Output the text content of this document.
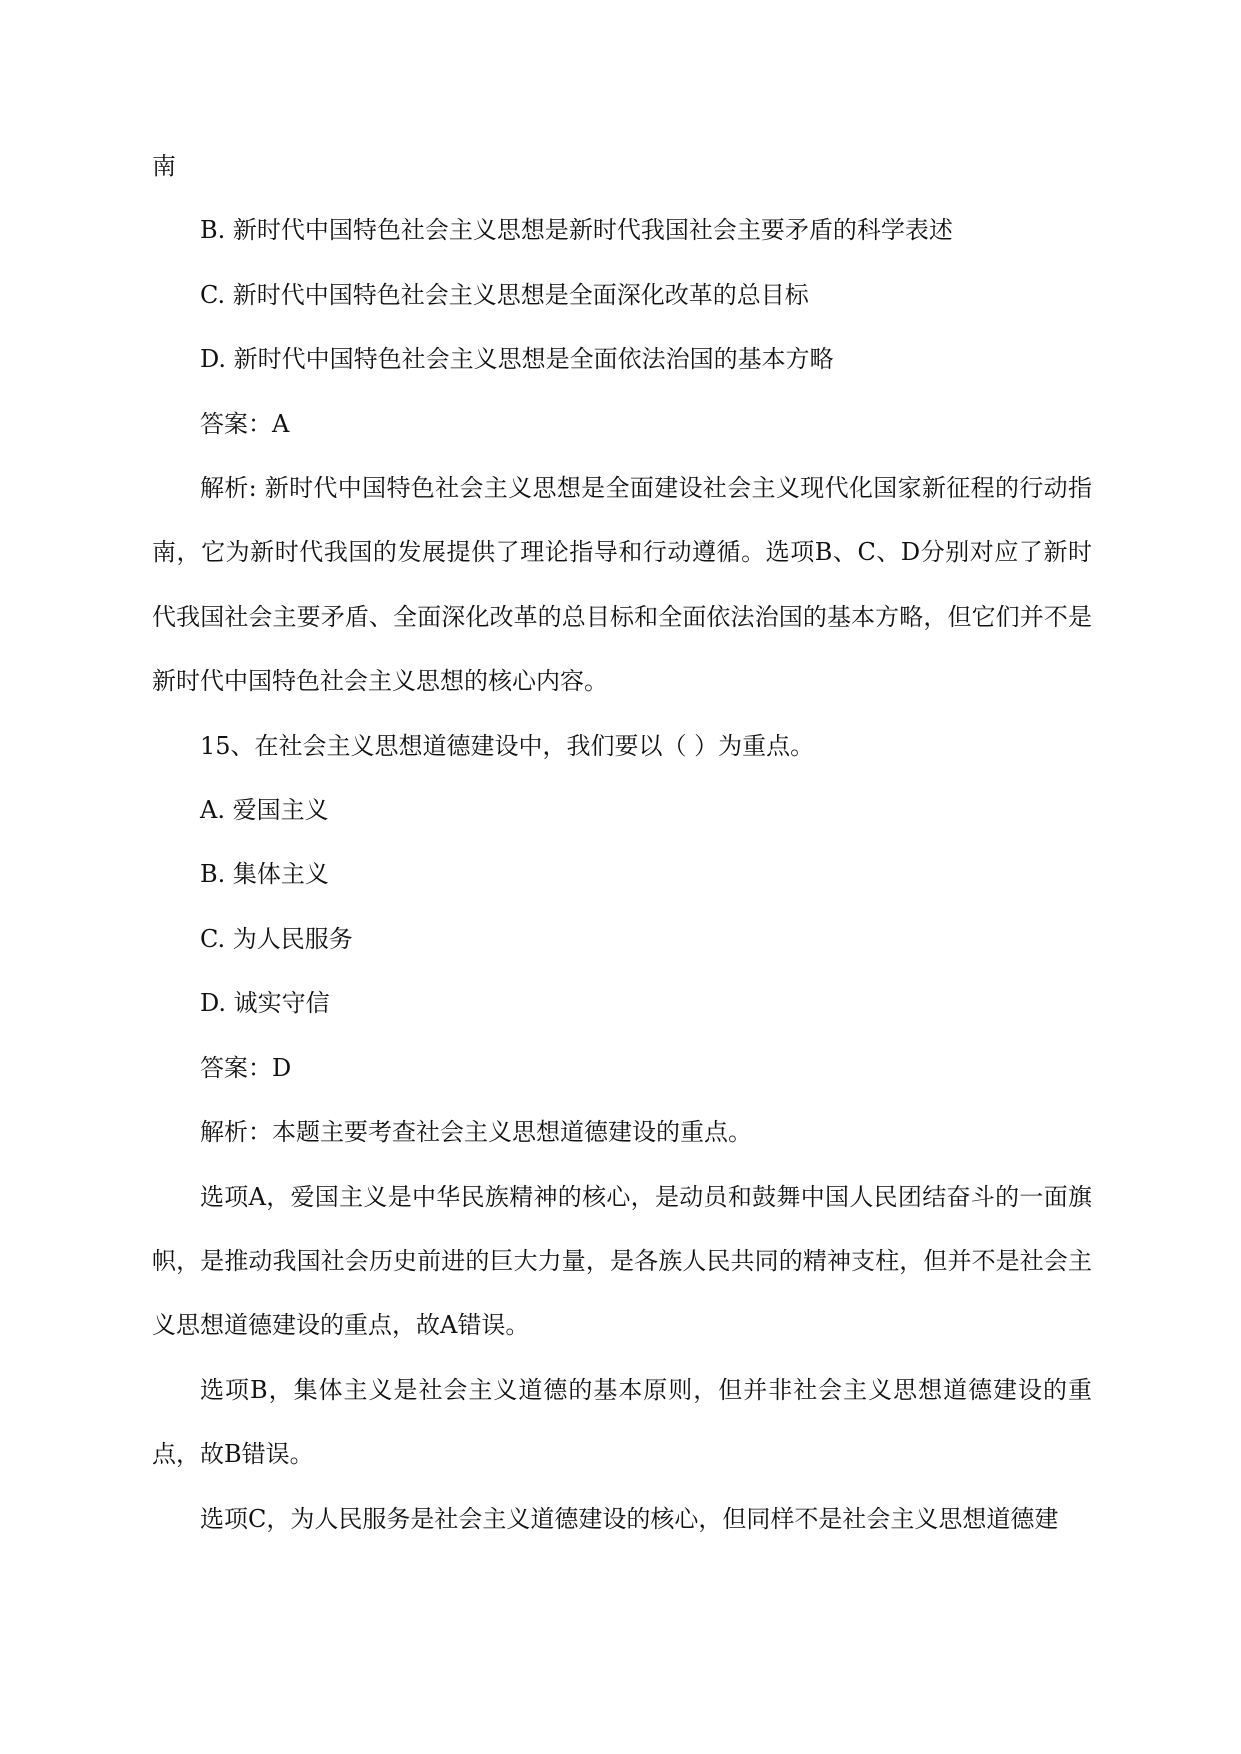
南

B. 新时代中国特色社会主义思想是新时代我国社会主要矛盾的科学表述

C. 新时代中国特色社会主义思想是全面深化改革的总目标

D. 新时代中国特色社会主义思想是全面依法治国的基本方略

答案：A

解析: 新时代中国特色社会主义思想是全面建设社会主义现代化国家新征程的行动指南，它为新时代我国的发展提供了理论指导和行动遵循。选项B、C、D分别对应了新时代我国社会主要矛盾、全面深化改革的总目标和全面依法治国的基本方略，但它们并不是新时代中国特色社会主义思想的核心内容。

15、在社会主义思想道德建设中，我们要以（ ）为重点。

A. 爱国主义

B. 集体主义

C. 为人民服务

D. 诚实守信

答案：D

解析：本题主要考查社会主义思想道德建设的重点。

选项A，爱国主义是中华民族精神的核心，是动员和鼓舞中国人民团结奋斗的一面旗帜，是推动我国社会历史前进的巨大力量，是各族人民共同的精神支柱，但并不是社会主义思想道德建设的重点，故A错误。

选项B，集体主义是社会主义道德的基本原则，但并非社会主义思想道德建设的重点，故B错误。

选项C，为人民服务是社会主义道德建设的核心，但同样不是社会主义思想道德建
